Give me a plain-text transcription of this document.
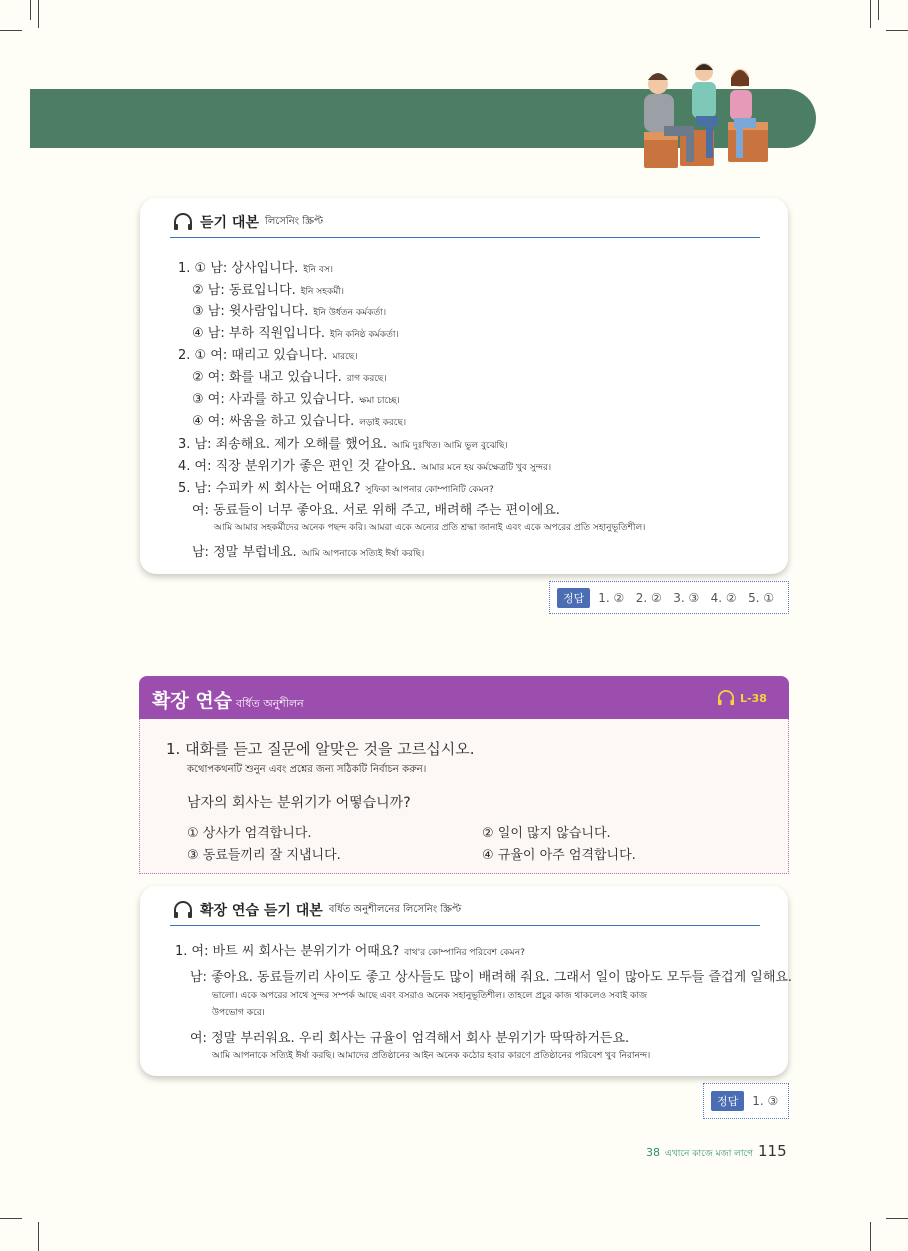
듣기 대본 লিসেনিং স্ক্রিপ্ট
1. ① 남: 상사입니다. ইনি বস।
② 남: 동료입니다. ইনি সহকর্মী।
③ 남: 윗사람입니다. ইনি উর্ধতন কর্মকর্তা।
④ 남: 부하 직원입니다. ইনি কনিষ্ঠ কর্মকর্তা।
2. ① 여: 때리고 있습니다. মারছে।
② 여: 화를 내고 있습니다. রাগ করছে।
③ 여: 사과를 하고 있습니다. ক্ষমা চাচ্ছে।
④ 여: 싸움을 하고 있습니다. লড়াই করছে।
3. 남: 죄송해요. 제가 오해를 했어요. আমি দুঃখিত। আমি ভুল বুঝেছি।
4. 여: 직장 분위기가 좋은 편인 것 같아요. আমার মনে হয় কর্মক্ষেত্রটি খুব সুন্দর।
5. 남: 수피카 씨 회사는 어때요? সুফিকা আপনার কোম্পানিটি কেমন?
여: 동료들이 너무 좋아요. 서로 위해 주고, 배려해 주는 편이에요.
আমি আমার সহকর্মীদের অনেক পছন্দ করি। আমরা একে অন্যের প্রতি শ্রদ্ধা জানাই এবং একে অপরের প্রতি সহানুভূতিশীল।
남: 정말 부럽네요. আমি আপনাকে সত্যিই ঈর্ষা করছি।
정답	1. ②   2. ②   3. ③   4. ②   5. ①
확장 연습 বর্ধিত অনুশীলন	L-38
1. 대화를 듣고 질문에 알맞은 것을 고르십시오.
কথোপকথনটি শুনুন এবং প্রশ্নের জন্য সঠিকটি নির্বাচন করুন।
남자의 회사는 분위기가 어떻습니까?
① 상사가 엄격합니다.	② 일이 많지 않습니다.
③ 동료들끼리 잘 지냅니다.	④ 규율이 아주 엄격합니다.
확장 연습 듣기 대본 বর্ধিত অনুশীলনের লিসেনিং স্ক্রিপ্ট
1. 여: 바트 씨 회사는 분위기가 어때요? বাথ'র কোম্পানির পরিবেশ কেমন?
남: 좋아요. 동료들끼리 사이도 좋고 상사들도 많이 배려해 줘요. 그래서 일이 많아도 모두들 즐겁게 일해요.
ভালো। একে অপরের সাথে সুন্দর সম্পর্ক আছে এবং বসরাও অনেক সহানুভূতিশীল। তাহলে প্রচুর কাজ থাকলেও সবাই কাজ
উপভোগ করে।
여: 정말 부러워요. 우리 회사는 규율이 엄격해서 회사 분위기가 딱딱하거든요.
আমি আপনাকে সত্যিই ঈর্ষা করছি। আমাদের প্রতিষ্ঠানের আইন অনেক কঠোর হবার কারণে প্রতিষ্ঠানের পরিবেশ খুব নিরানন্দ।
정답	1. ③
38 এখানে কাজে মজা লাগে 115
